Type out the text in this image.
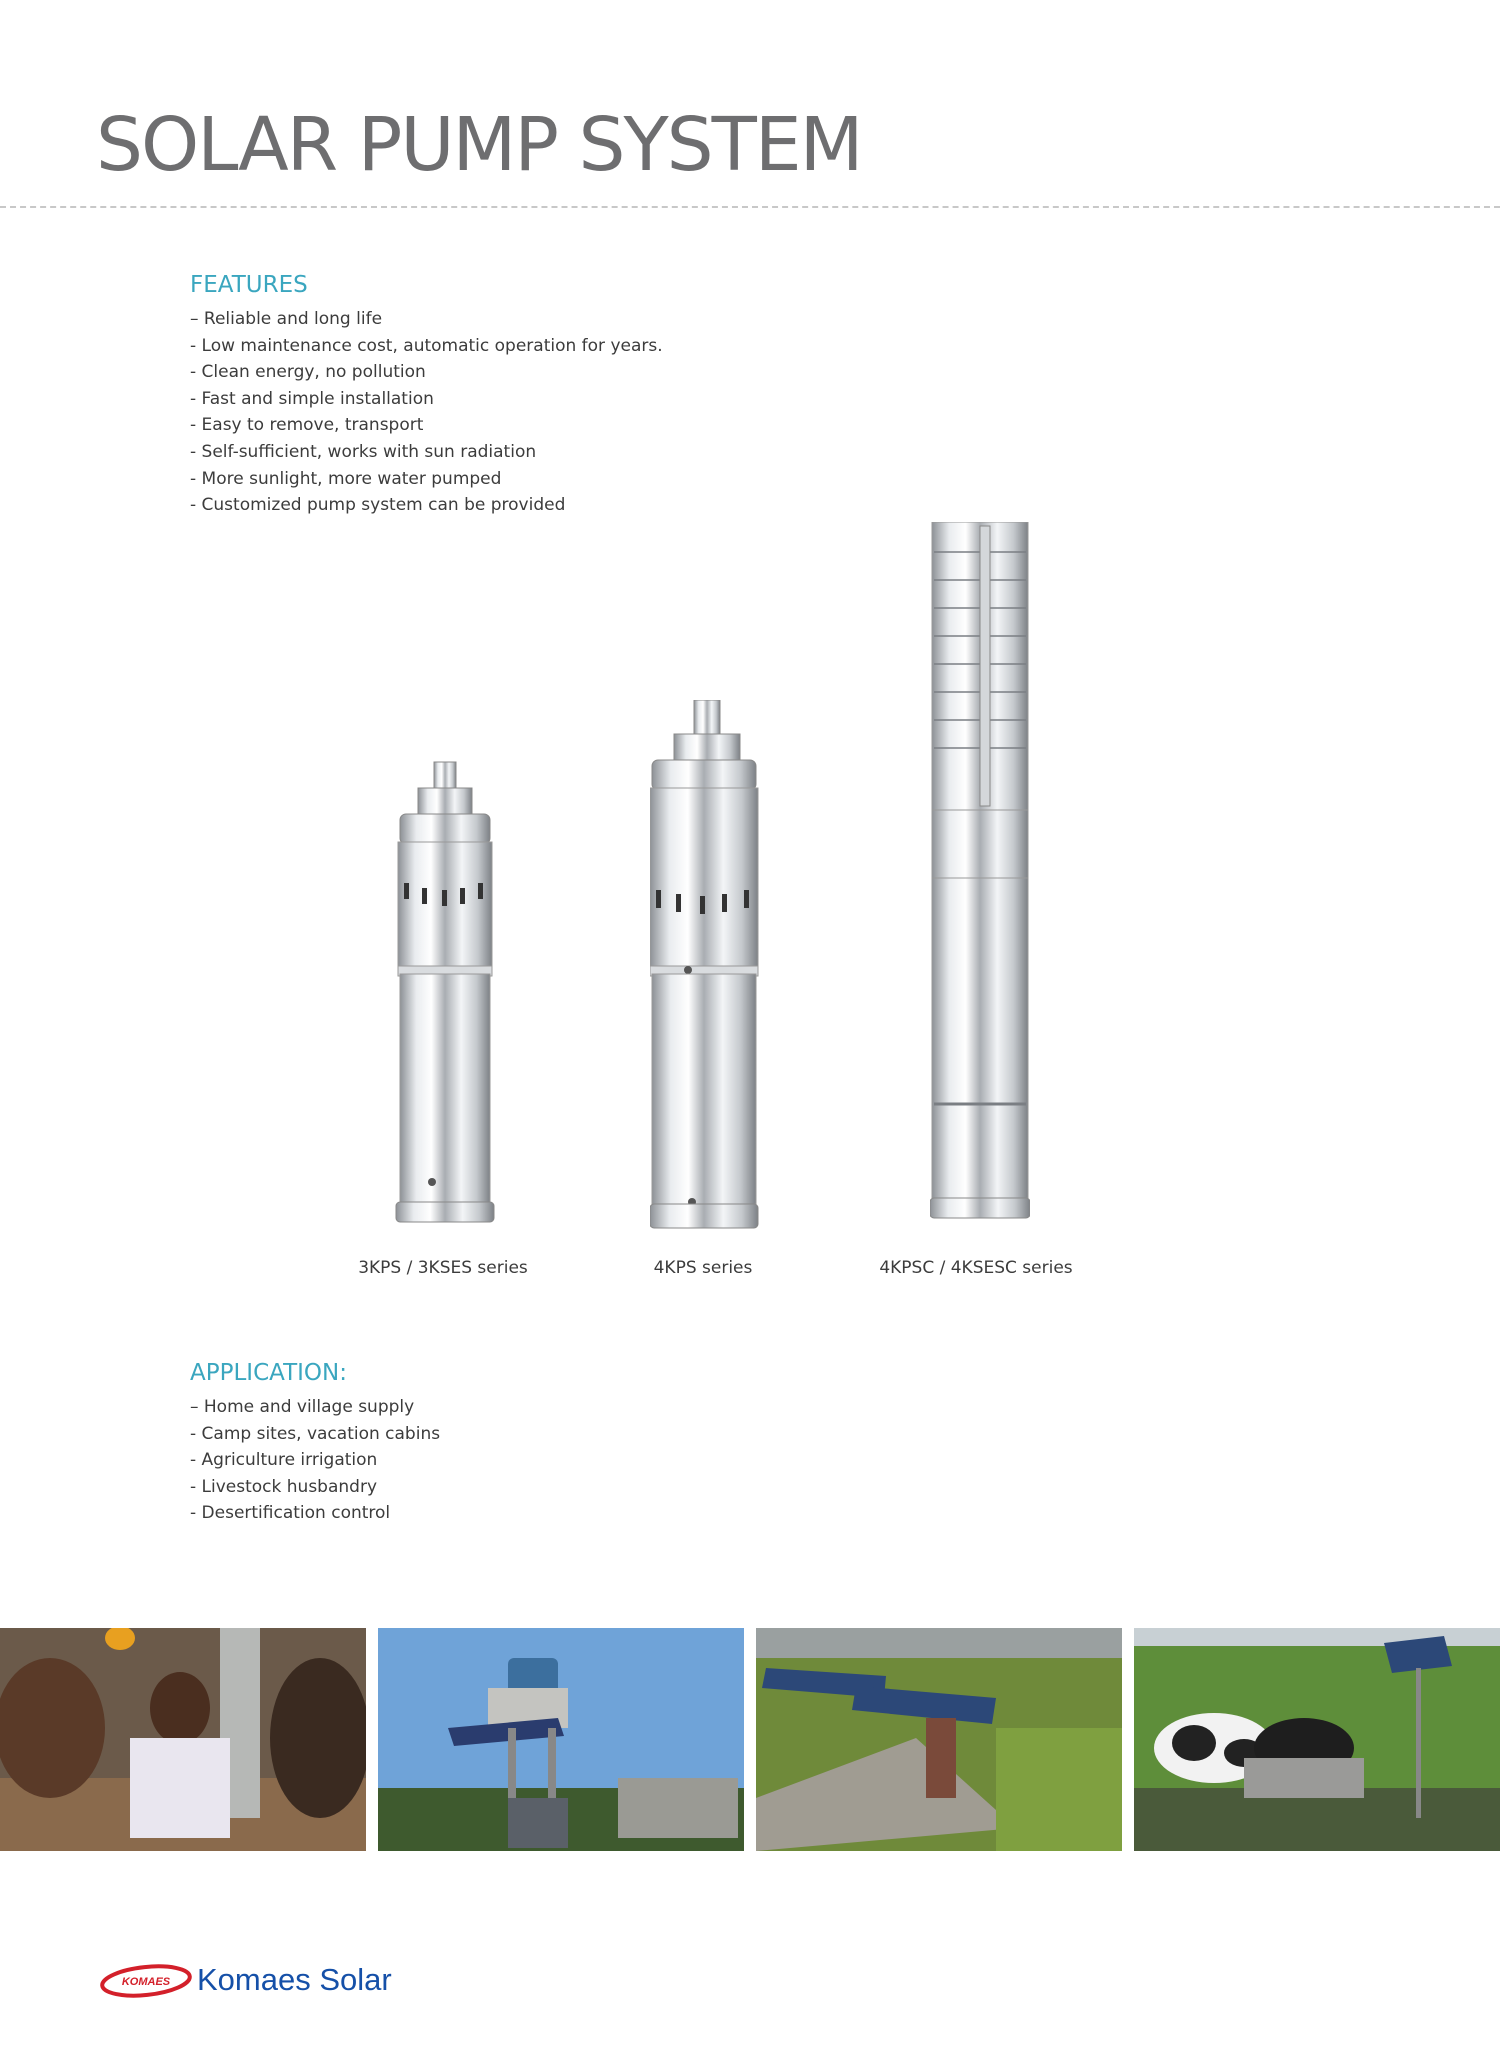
SOLAR PUMP SYSTEM
FEATURES
– Reliable and long life
- Low maintenance cost, automatic operation for years.
- Clean energy, no pollution
- Fast and simple installation
- Easy to remove, transport
- Self-sufficient, works with sun radiation
- More sunlight, more water pumped
- Customized pump system can be provided
3KPS / 3KSES series	4KPS series	4KPSC / 4KSESC series
APPLICATION:
– Home and village supply
- Camp sites, vacation cabins
- Agriculture irrigation
- Livestock husbandry
- Desertification control
KOMAES Komaes Solar
